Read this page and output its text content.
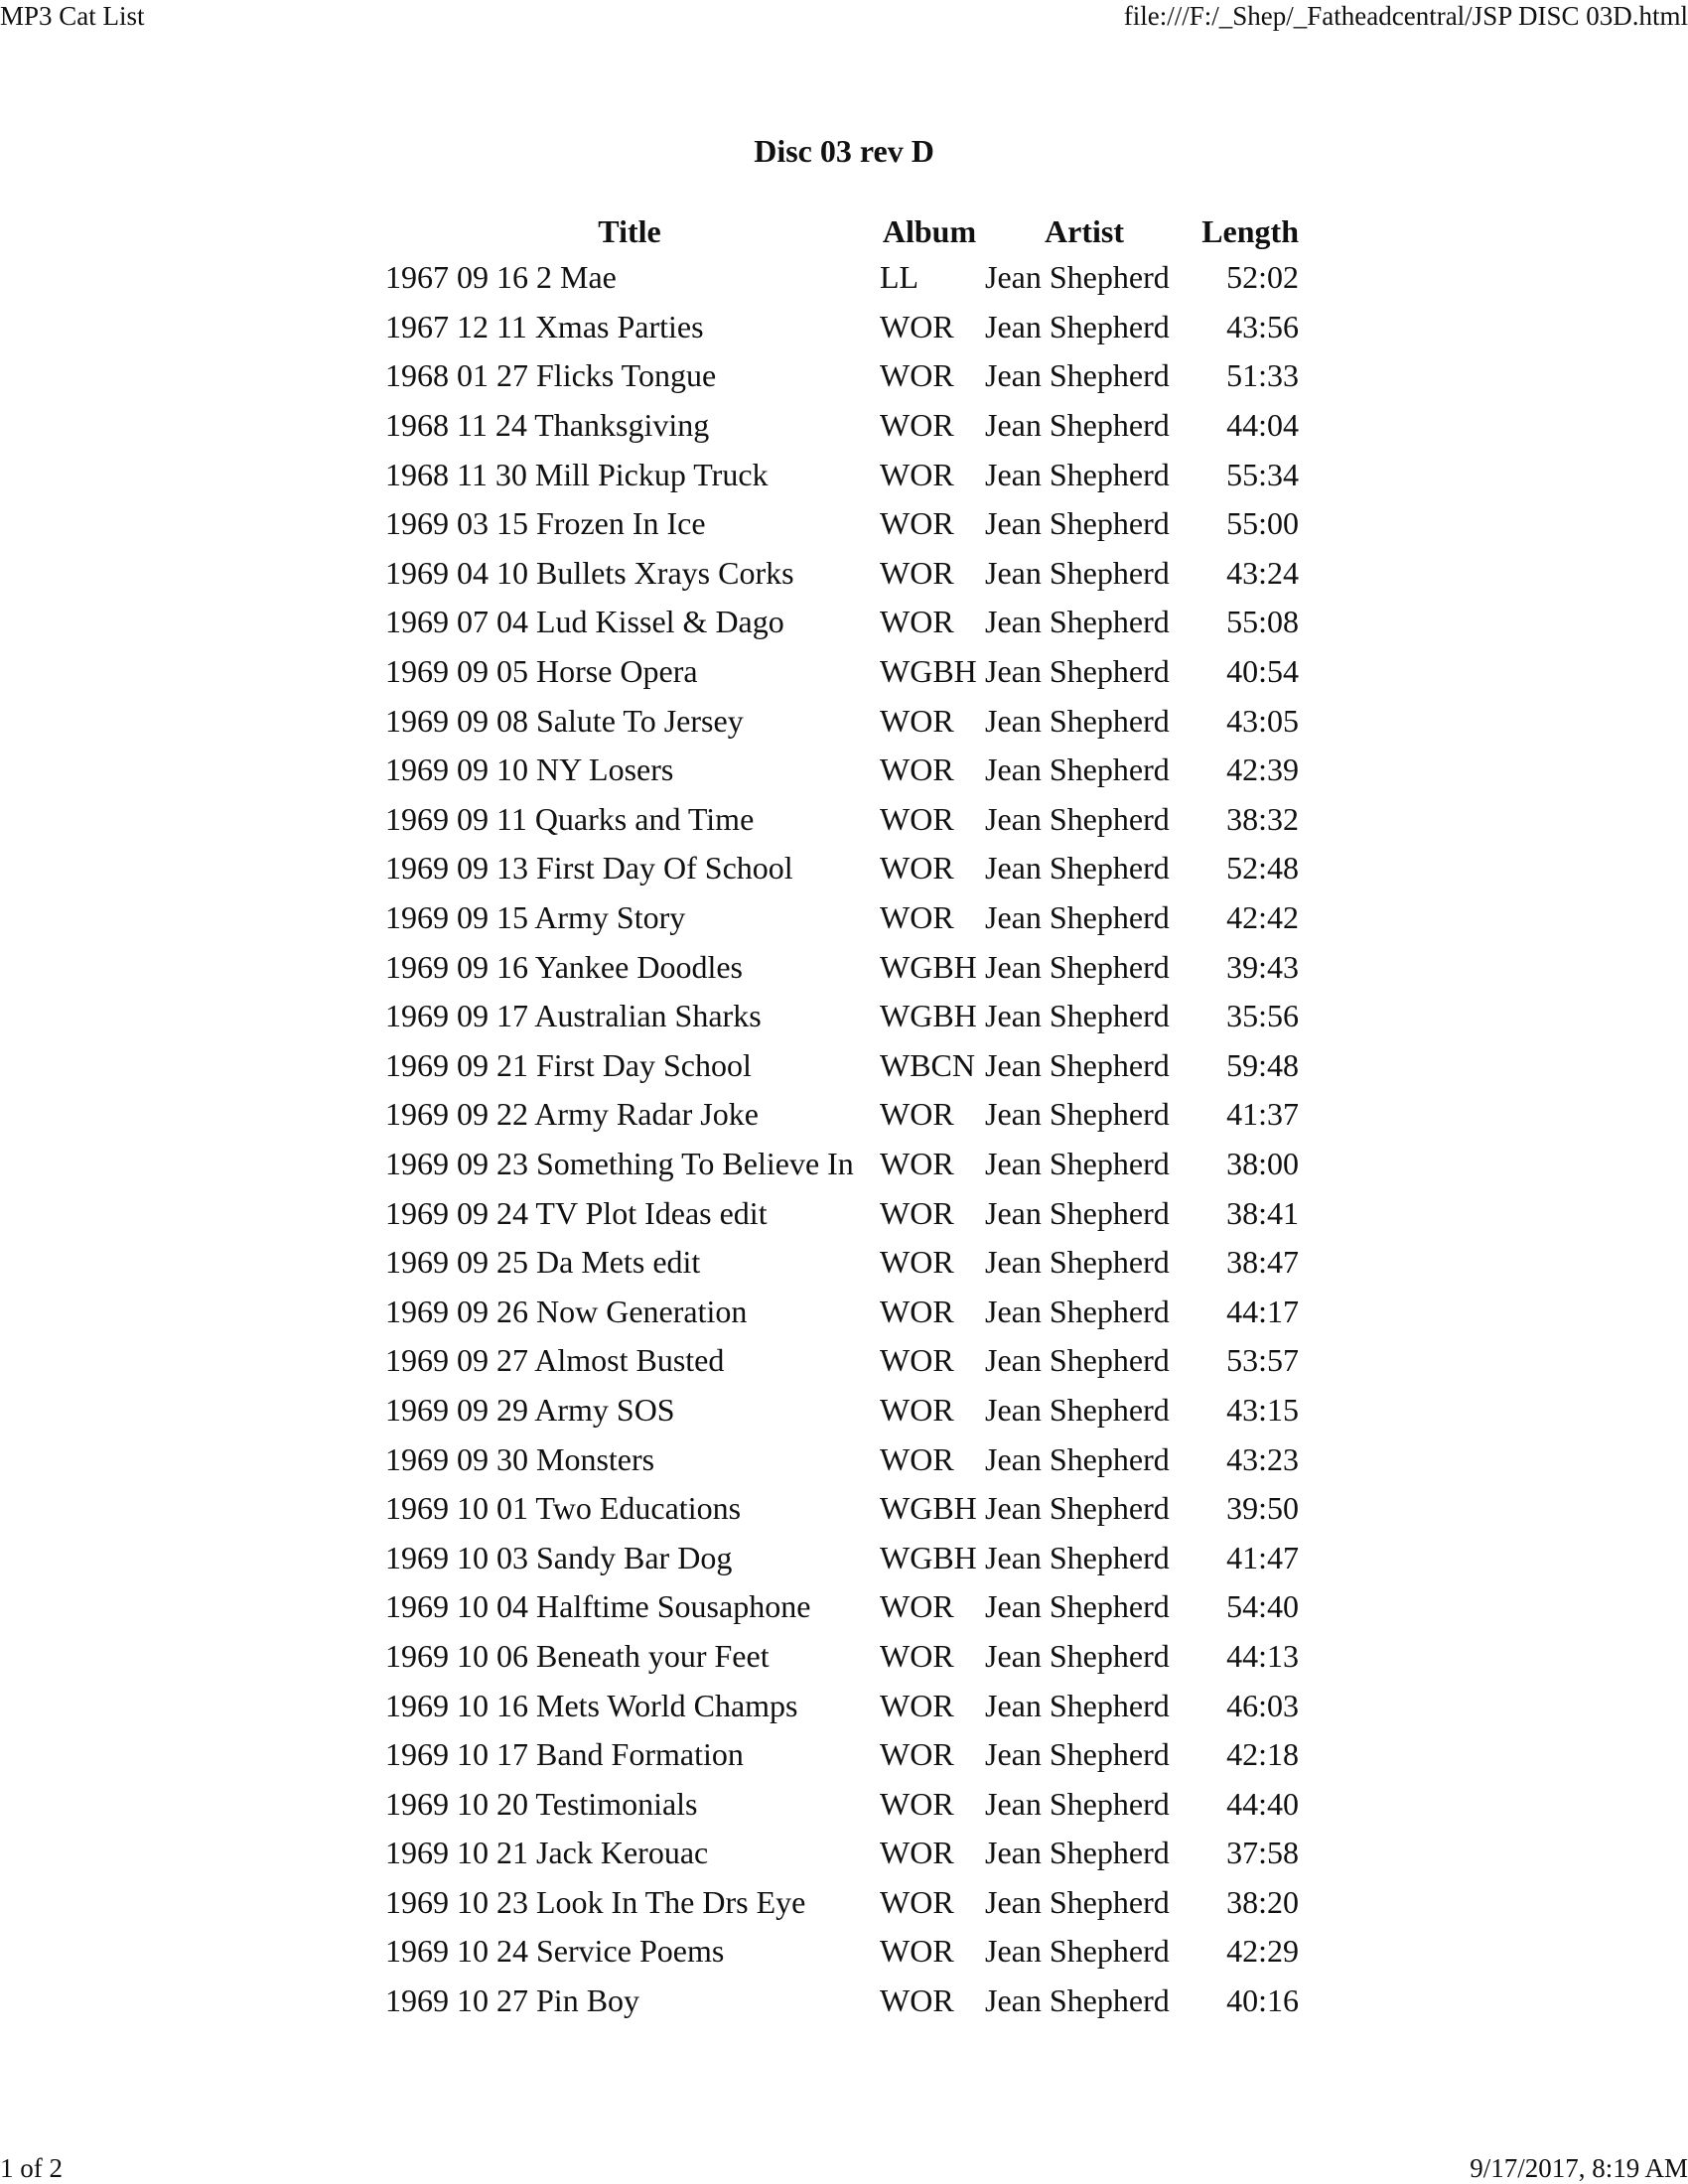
MP3 Cat List	file:///F:/_Shep/_Fatheadcentral/JSP DISC 03D.html
Disc 03 rev D
Title	Album	Artist	Length
1967 09 16 2 Mae	LL	Jean Shepherd	52:02
1967 12 11 Xmas Parties	WOR	Jean Shepherd	43:56
1968 01 27 Flicks Tongue	WOR	Jean Shepherd	51:33
1968 11 24 Thanksgiving	WOR	Jean Shepherd	44:04
1968 11 30 Mill Pickup Truck	WOR	Jean Shepherd	55:34
1969 03 15 Frozen In Ice	WOR	Jean Shepherd	55:00
1969 04 10 Bullets Xrays Corks	WOR	Jean Shepherd	43:24
1969 07 04 Lud Kissel & Dago	WOR	Jean Shepherd	55:08
1969 09 05 Horse Opera	WGBH	Jean Shepherd	40:54
1969 09 08 Salute To Jersey	WOR	Jean Shepherd	43:05
1969 09 10 NY Losers	WOR	Jean Shepherd	42:39
1969 09 11 Quarks and Time	WOR	Jean Shepherd	38:32
1969 09 13 First Day Of School	WOR	Jean Shepherd	52:48
1969 09 15 Army Story	WOR	Jean Shepherd	42:42
1969 09 16 Yankee Doodles	WGBH	Jean Shepherd	39:43
1969 09 17 Australian Sharks	WGBH	Jean Shepherd	35:56
1969 09 21 First Day School	WBCN	Jean Shepherd	59:48
1969 09 22 Army Radar Joke	WOR	Jean Shepherd	41:37
1969 09 23 Something To Believe In	WOR	Jean Shepherd	38:00
1969 09 24 TV Plot Ideas edit	WOR	Jean Shepherd	38:41
1969 09 25 Da Mets edit	WOR	Jean Shepherd	38:47
1969 09 26 Now Generation	WOR	Jean Shepherd	44:17
1969 09 27 Almost Busted	WOR	Jean Shepherd	53:57
1969 09 29 Army SOS	WOR	Jean Shepherd	43:15
1969 09 30 Monsters	WOR	Jean Shepherd	43:23
1969 10 01 Two Educations	WGBH	Jean Shepherd	39:50
1969 10 03 Sandy Bar Dog	WGBH	Jean Shepherd	41:47
1969 10 04 Halftime Sousaphone	WOR	Jean Shepherd	54:40
1969 10 06 Beneath your Feet	WOR	Jean Shepherd	44:13
1969 10 16 Mets World Champs	WOR	Jean Shepherd	46:03
1969 10 17 Band Formation	WOR	Jean Shepherd	42:18
1969 10 20 Testimonials	WOR	Jean Shepherd	44:40
1969 10 21 Jack Kerouac	WOR	Jean Shepherd	37:58
1969 10 23 Look In The Drs Eye	WOR	Jean Shepherd	38:20
1969 10 24 Service Poems	WOR	Jean Shepherd	42:29
1969 10 27 Pin Boy	WOR	Jean Shepherd	40:16
1 of 2	9/17/2017, 8:19 AM
